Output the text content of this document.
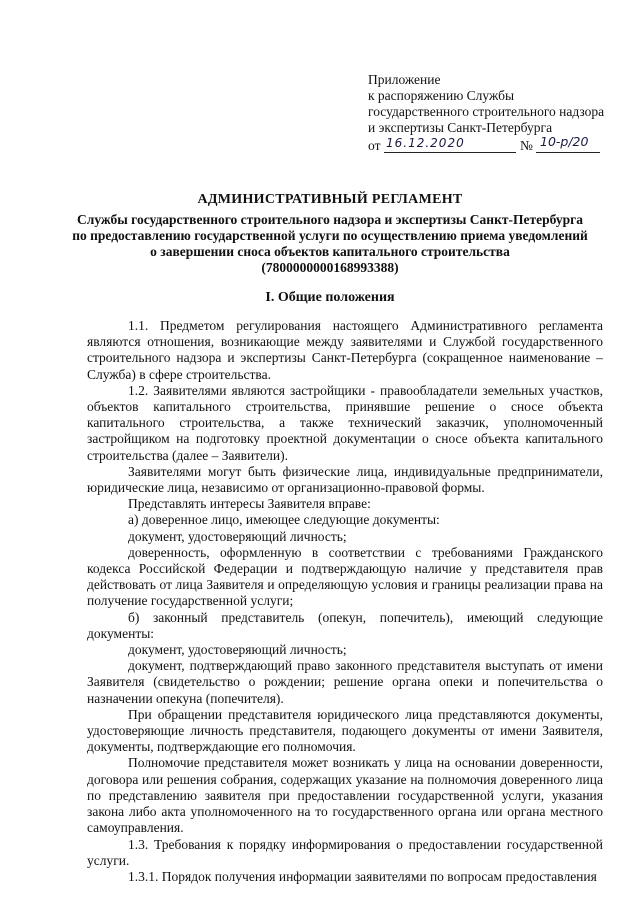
Приложение
к распоряжению Службы
государственного строительного надзора
и экспертизы Санкт-Петербурга
от 16.12.2020	№ 10-р/20
АДМИНИСТРАТИВНЫЙ РЕГЛАМЕНТ
Службы государственного строительного надзора и экспертизы Санкт-Петербурга
по предоставлению государственной услуги по осуществлению приема уведомлений
о завершении сноса объектов капитального строительства
(7800000000168993388)
I. Общие положения

1.1. Предметом регулирования настоящего Административного регламента являются отношения, возникающие между заявителями и Службой государственного строительного надзора и экспертизы Санкт-Петербурга (сокращенное наименование – Служба) в сфере строительства.

1.2. Заявителями являются застройщики - правообладатели земельных участков, объектов капитального строительства, принявшие решение о сносе объекта капитального строительства, а также технический заказчик, уполномоченный застройщиком на подготовку проектной документации о сносе объекта капитального строительства (далее – Заявители).

Заявителями могут быть физические лица, индивидуальные предприниматели, юридические лица, независимо от организационно-правовой формы.

Представлять интересы Заявителя вправе:

а) доверенное лицо, имеющее следующие документы:

документ, удостоверяющий личность;

доверенность, оформленную в соответствии с требованиями Гражданского кодекса Российской Федерации и подтверждающую наличие у представителя прав действовать от лица Заявителя и определяющую условия и границы реализации права на получение государственной услуги;

б) законный представитель (опекун, попечитель), имеющий следующие документы:

документ, удостоверяющий личность;

документ, подтверждающий право законного представителя выступать от имени Заявителя (свидетельство о рождении; решение органа опеки и попечительства о назначении опекуна (попечителя).

При обращении представителя юридического лица представляются документы, удостоверяющие личность представителя, подающего документы от имени Заявителя, документы, подтверждающие его полномочия.

Полномочие представителя может возникать у лица на основании доверенности, договора или решения собрания, содержащих указание на полномочия доверенного лица по представлению заявителя при предоставлении государственной услуги, указания закона либо акта уполномоченного на то государственного органа или органа местного самоуправления.

1.3. Требования к порядку информирования о предоставлении государственной услуги.

1.3.1. Порядок получения информации заявителями по вопросам предоставления
